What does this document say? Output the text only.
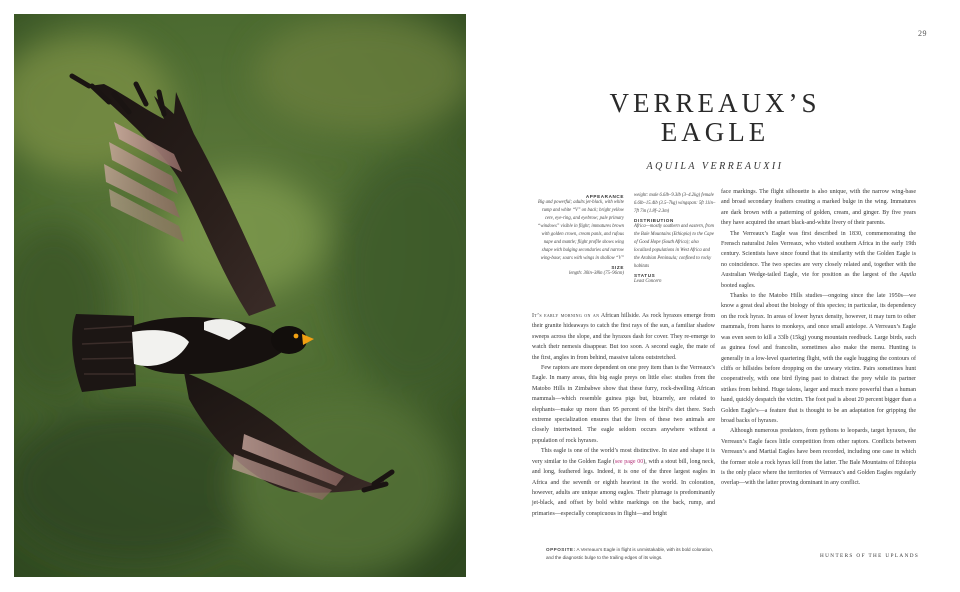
29
VERREAUX’S
EAGLE
AQUILA VERREAUXII
APPEARANCE
Big and powerful; adults jet-black, with white rump and white “V” on back; bright yellow cere, eye-ring, and eyebrow; pale primary “windows” visible in flight; immatures brown with golden crown, cream panls, and rufous nape and mantle; flight profile shows wing shape with bulging secondaries and narrow wing-base; soars with wings in shallow “V”
SIZE
length: 30in–38in (75–96cm)
weight: male 6.6lb–9.3lb (3–4.2kg) female 6.6lb–15.4lb (3.5–7kg) wingspan: 5ft 11in–7ft 7in (1.8f–2.3m)
DISTRIBUTION
Africa—mostly southern and eastern, from the Bale Mountains (Ethiopia) to the Cape of Good Hope (South Africa); also localized populations in West Africa and the Arabian Peninsula; confined to rocky habitats
STATUS
Least Concern

It’s early morning on an African hillside. As rock hyraxes emerge from their granite hideaways to catch the first rays of the sun, a familiar shadow sweeps across the slope, and the hyraxes dash for cover. They re-emerge to watch their nemesis disappear. But too soon. A second eagle, the mate of the first, angles in from behind, massive talons outstretched.

Few raptors are more dependent on one prey item than is the Verreaux’s Eagle. In many areas, this big eagle preys on little else: studies from the Matobo Hills in Zimbabwe show that these furry, rock-dwelling African mammals—which resemble guinea pigs but, bizarrely, are related to elephants—make up more than 95 percent of the bird’s diet there. Such extreme specialization ensures that the lives of these two animals are closely intertwined. The eagle seldom occurs anywhere without a population of rock hyraxes.

This eagle is one of the world’s most distinctive. In size and shape it is very similar to the Golden Eagle (see page 00), with a stout bill, long neck, and long, feathered legs. Indeed, it is one of the three largest eagles in Africa and the seventh or eighth heaviest in the world. In coloration, however, adults are unique among eagles. Their plumage is predominantly jet-black, and offset by bold white markings on the back, rump, and primaries—especially conspicuous in flight—and bright

face markings. The flight silhouette is also unique, with the narrow wing-base and broad secondary feathers creating a marked bulge in the wing. Immatures are dark brown with a patterning of golden, cream, and ginger. By five years they have acquired the smart black-and-white livery of their parents.

The Verreaux’s Eagle was first described in 1830, commemorating the Frensch naturalist Jules Verreaux, who visited southern Africa in the early 19th century. Scientists have since found that its similarity with the Golden Eagle is no coincidence. The two species are very closely related and, together with the Australian Wedge-tailed Eagle, vie for position as the largest of the Aquila booted eagles.

Thanks to the Matobo Hills studies—ongoing since the late 1950s—we know a great deal about the biology of this species; in particular, its dependency on the rock hyrax. In areas of lower hyrax density, however, it may turn to other mammals, from hares to monkeys, and once small antelope. A Verreaux’s Eagle was even seen to kill a 33lb (15kg) young mountain reedbuck. Large birds, such as guinea fowl and francolin, sometimes also make the menu. Hunting is generally in a low-level quartering flight, with the eagle hugging the contours of cliffs or hillsides before dropping on the unwary victim. Pairs sometimes hunt cooperatively, with one bird flying past to distract the prey while its partner strikes from behind. Huge talons, larger and much more powerful than a human hand, quickly despatch the victim. The foot pad is about 20 percent bigger than a Golden Eagle’s—a feature that is thought to be an adaptation for gripping the broad backs of hyraxes.

Although numerous predators, from pythons to leopards, target hyraxes, the Verreaux’s Eagle faces little competition from other raptors. Conflicts between Verreaux’s and Martial Eagles have been recorded, including one case in which the former stole a rock hyrax kill from the latter. The Bale Mountains of Ethiopia is the only place where the territories of Verreaux’s and Golden Eagles regularly overlap—with the latter proving dominant in any conflict.

OPPOSITE: A Verreaux’s Eagle in flight is unmistakable, with its bold coloration, and the diagnostic bulge to the trailing edges of its wings.	HUNTERS OF THE UPLANDS
